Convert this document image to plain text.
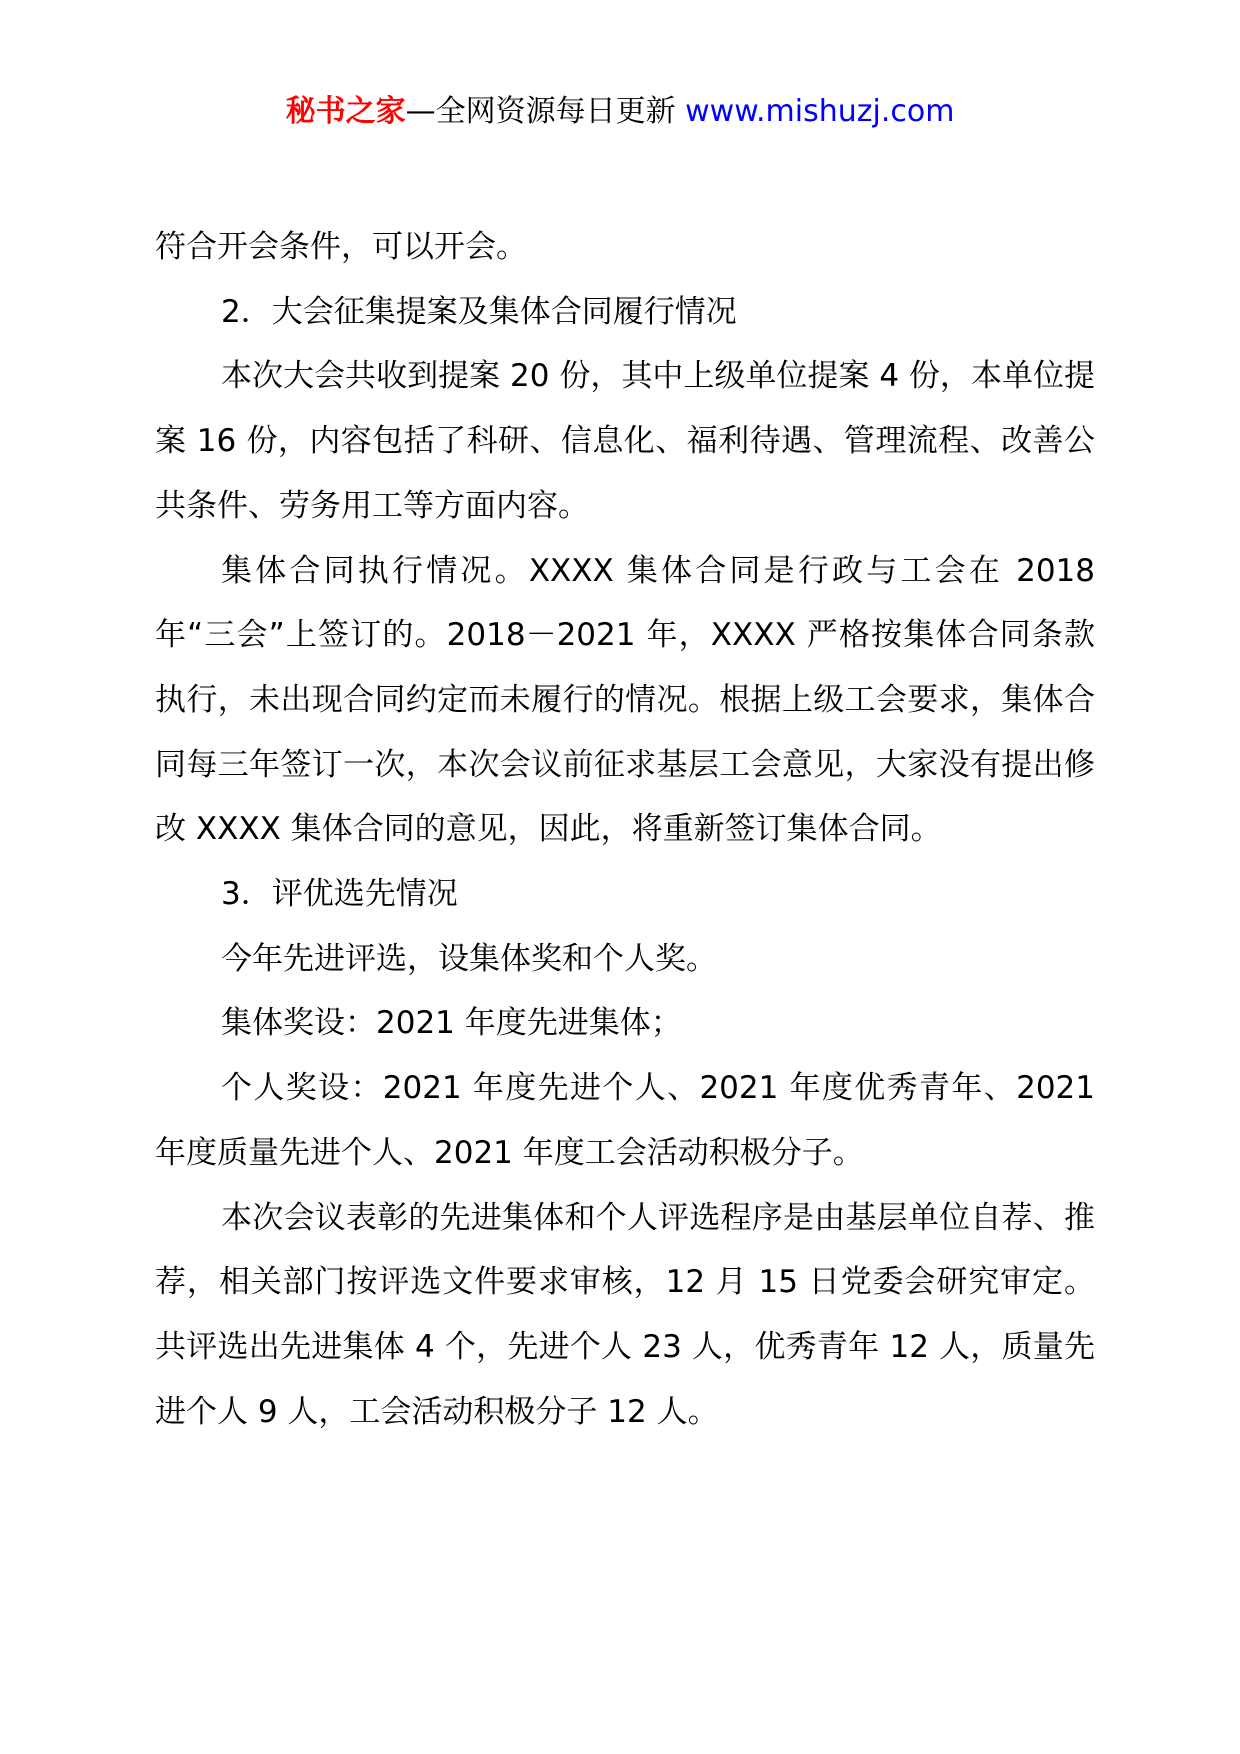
秘书之家—全网资源每日更新 www.mishuzj.com

符合开会条件，可以开会。

2．大会征集提案及集体合同履行情况

本次大会共收到提案 20 份，其中上级单位提案 4 份，本单位提案 16 份，内容包括了科研、信息化、福利待遇、管理流程、改善公共条件、劳务用工等方面内容。

集体合同执行情况。XXXX 集体合同是行政与工会在 2018 年“三会”上签订的。2018－2021 年，XXXX 严格按集体合同条款执行，未出现合同约定而未履行的情况。根据上级工会要求，集体合同每三年签订一次，本次会议前征求基层工会意见，大家没有提出修改 XXXX 集体合同的意见，因此，将重新签订集体合同。

3．评优选先情况

今年先进评选，设集体奖和个人奖。

集体奖设：2021 年度先进集体；

个人奖设：2021 年度先进个人、2021 年度优秀青年、2021 年度质量先进个人、2021 年度工会活动积极分子。

本次会议表彰的先进集体和个人评选程序是由基层单位自荐、推荐，相关部门按评选文件要求审核，12 月 15 日党委会研究审定。共评选出先进集体 4 个，先进个人 23 人，优秀青年 12 人，质量先进个人 9 人，工会活动积极分子 12 人。
